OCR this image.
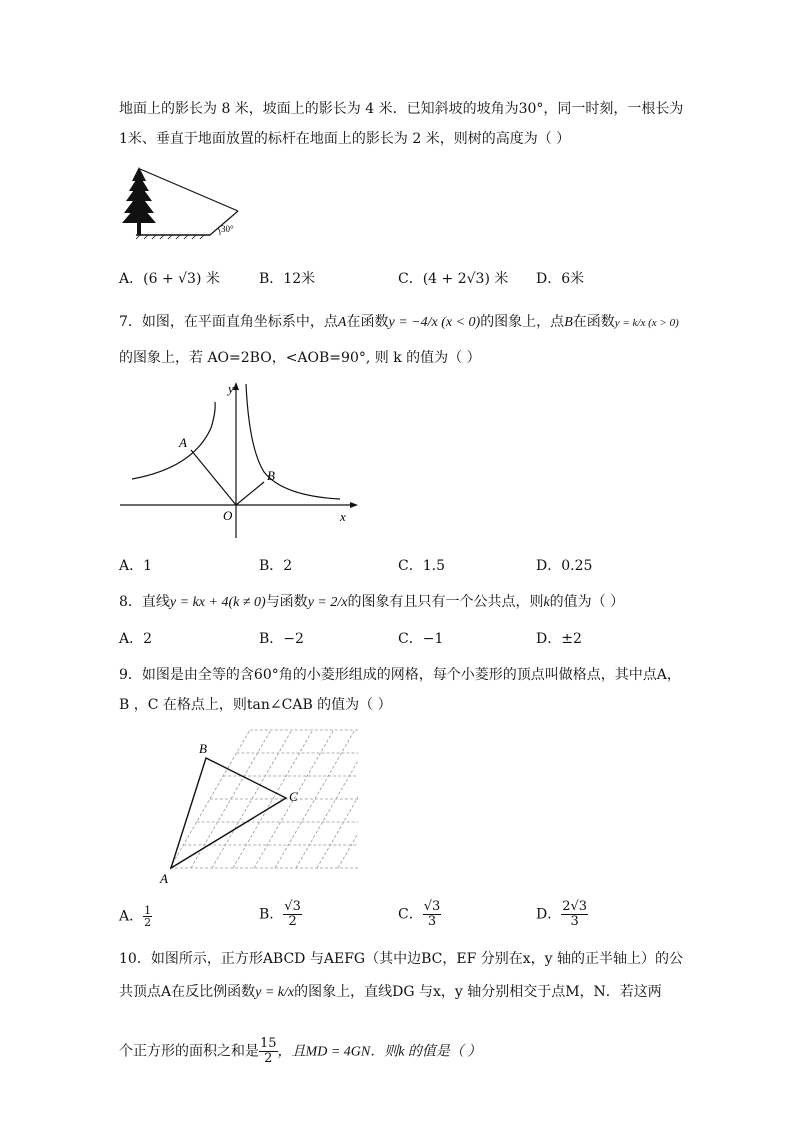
地面上的影长为 8 米，坡面上的影长为 4 米．已知斜坡的坡角为30°，同一时刻，一根长为
1米、垂直于地面放置的标杆在地面上的影长为 2 米，则树的高度为（ ）
30°
A．(6 + √3) 米	B．12米	C．(4 + 2√3) 米 D．6米
7．如图，在平面直角坐标系中，点A在函数y = −4/x (x < 0)的图象上，点B在函数y = k/x (x > 0)
的图象上，若 AO=2BO，<AOB=90°, 则 k 的值为（ ）
y
x
O
A
B
A．1	B．2	C．1.5	D．0.25
8．直线y = kx + 4(k ≠ 0)与函数y = 2/x的图象有且只有一个公共点，则k的值为（ ）
A．2	B．−2	C．−1	D．±2
9．如图是由全等的含60°角的小菱形组成的网格，每个小菱形的顶点叫做格点，其中点A，
B ，C 在格点上，则tan∠CAB 的值为（ ）
A
B
C
A． $\frac{1}{2}$	B． $\frac{√3}{2}$	C． $\frac{√3}{3}$	D． $\frac{2√3}{3}$
10．如图所示，正方形ABCD 与AEFG（其中边BC，EF 分别在x，y 轴的正半轴上）的公
共顶点A在反比例函数y = k/x的图象上，直线DG 与x，y 轴分别相交于点M，N．若这两
个正方形的面积之和是 $\frac{15}{2}$ ，且MD = 4GN．则k 的值是（ ）
